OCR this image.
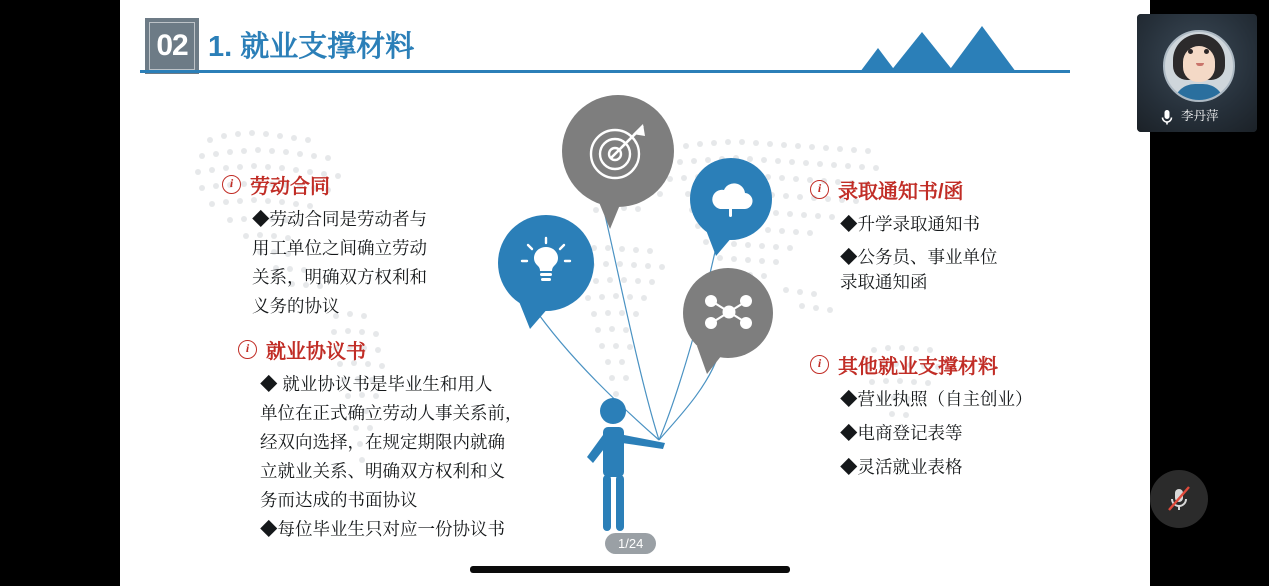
02 1. 就业支撑材料
i 劳动合同

◆劳动合同是劳动者与

用工单位之间确立劳动

关系，明确双方权利和

义务的协议

i 就业协议书

◆ 就业协议书是毕业生和用人

单位在正式确立劳动人事关系前，

经双向选择，在规定期限内就确

立就业关系、明确双方权利和义

务而达成的书面协议

◆每位毕业生只对应一份协议书

i 录取通知书/函

◆升学录取通知书

◆公务员、事业单位

录取通知函

i 其他就业支撑材料

◆营业执照（自主创业）

◆电商登记表等

◆灵活就业表格

1/24
李丹萍
